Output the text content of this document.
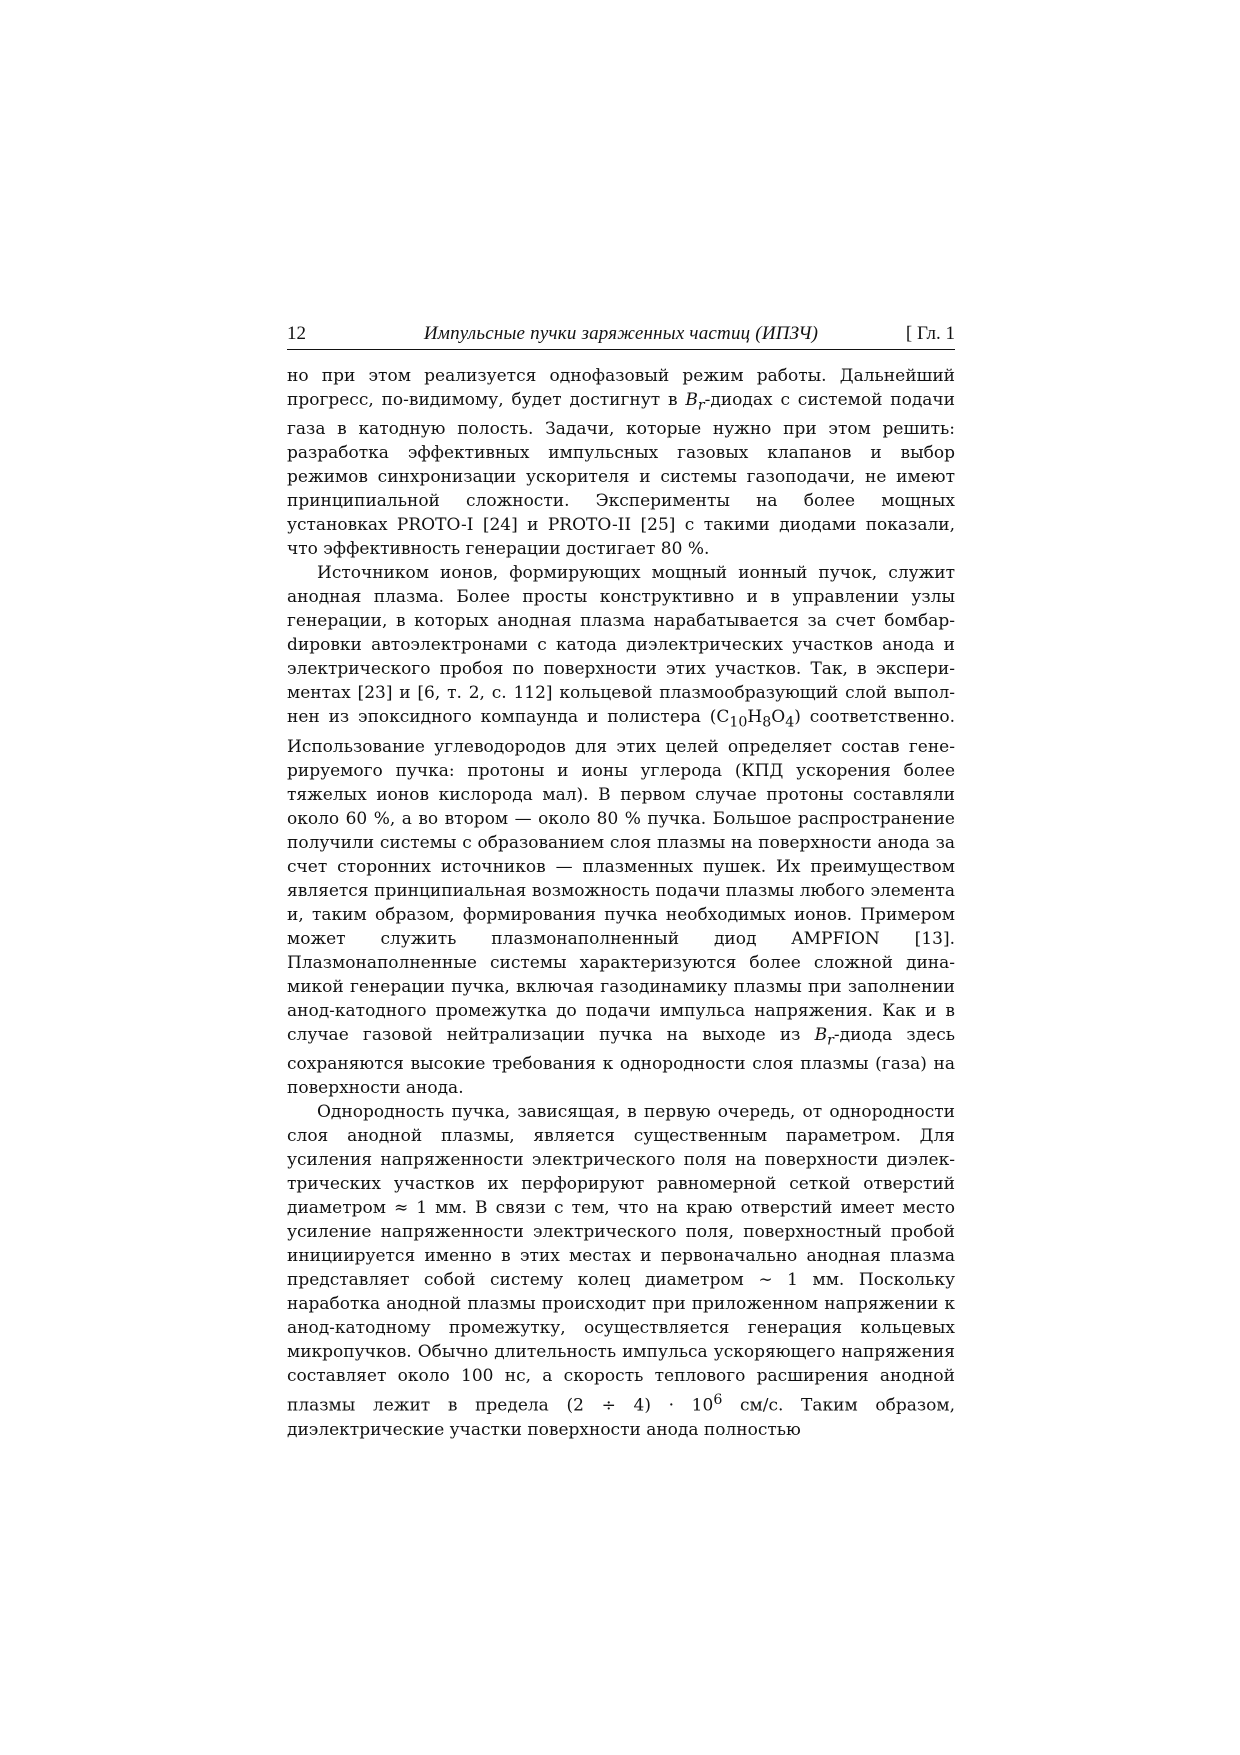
12	Импульсные пучки заряженных частиц (ИПЗЧ)	[ Гл. 1

но при этом реализуется однофазовый режим работы. Дальнейший прогресс, по-видимому, будет достигнут в $B_r$-диодах с системой подачи газа в катодную полость. Задачи, которые нужно при этом решить: разработка эффективных импульсных газовых клапанов и выбор режимов синхронизации ускорителя и системы газоподачи, не имеют принципиальной сложности. Эксперименты на более мощных установках PROTO-I [24] и PROTO-II [25] с такими диодами показали, что эффективность генерации достигает 80 %.

Источником ионов, формирующих мощный ионный пучок, служит анодная плазма. Более просты конструктивно и в управлении узлы генерации, в которых анодная плазма нарабатывается за счет бомбарdировки автоэлектронами с катода диэлектрических участков анода и электрического пробоя по поверхности этих участков. Так, в экспериментах [23] и [6, т. 2, с. 112] кольцевой плазмообразующий слой выполнен из эпоксидного компаунда и полистера $(C_{10}H_8O_4)$ соответственно. Использование углеводородов для этих целей определяет состав генерируемого пучка: протоны и ионы углерода (КПД ускорения более тяжелых ионов кислорода мал). В первом случае протоны составляли около 60 %, а во втором — около 80 % пучка. Большое распространение получили системы с образованием слоя плазмы на поверхности анода за счет сторонних источников — плазменных пушек. Их преимуществом является принципиальная возможность подачи плазмы любого элемента и, таким образом, формирования пучка необходимых ионов. Примером может служить плазмонаполненный диод AMPFION [13]. Плазмонаполненные системы характеризуются более сложной динамикой генерации пучка, включая газодинамику плазмы при заполнении анод-катодного промежутка до подачи импульса напряжения. Как и в случае газовой нейтрализации пучка на выходе из $B_r$-диода здесь сохраняются высокие требования к однородности слоя плазмы (газа) на поверхности анода.

Однородность пучка, зависящая, в первую очередь, от однородности слоя анодной плазмы, является существенным параметром. Для усиления напряженности электрического поля на поверхности диэлектрических участков их перфорируют равномерной сеткой отверстий диаметром ≈ 1 мм. В связи с тем, что на краю отверстий имеет место усиление напряженности электрического поля, поверхностный пробой инициируется именно в этих местах и первоначально анодная плазма представляет собой систему колец диаметром ∼ 1 мм. Поскольку наработка анодной плазмы происходит при приложенном напряжении к анод-катодному промежутку, осуществляется генерация кольцевых микропучков. Обычно длительность импульса ускоряющего напряжения составляет около 100 нс, а скорость теплового расширения анодной плазмы лежит в предела $(2 \div 4) \cdot 10^6$ см/с. Таким образом, диэлектрические участки поверхности анода полностью
